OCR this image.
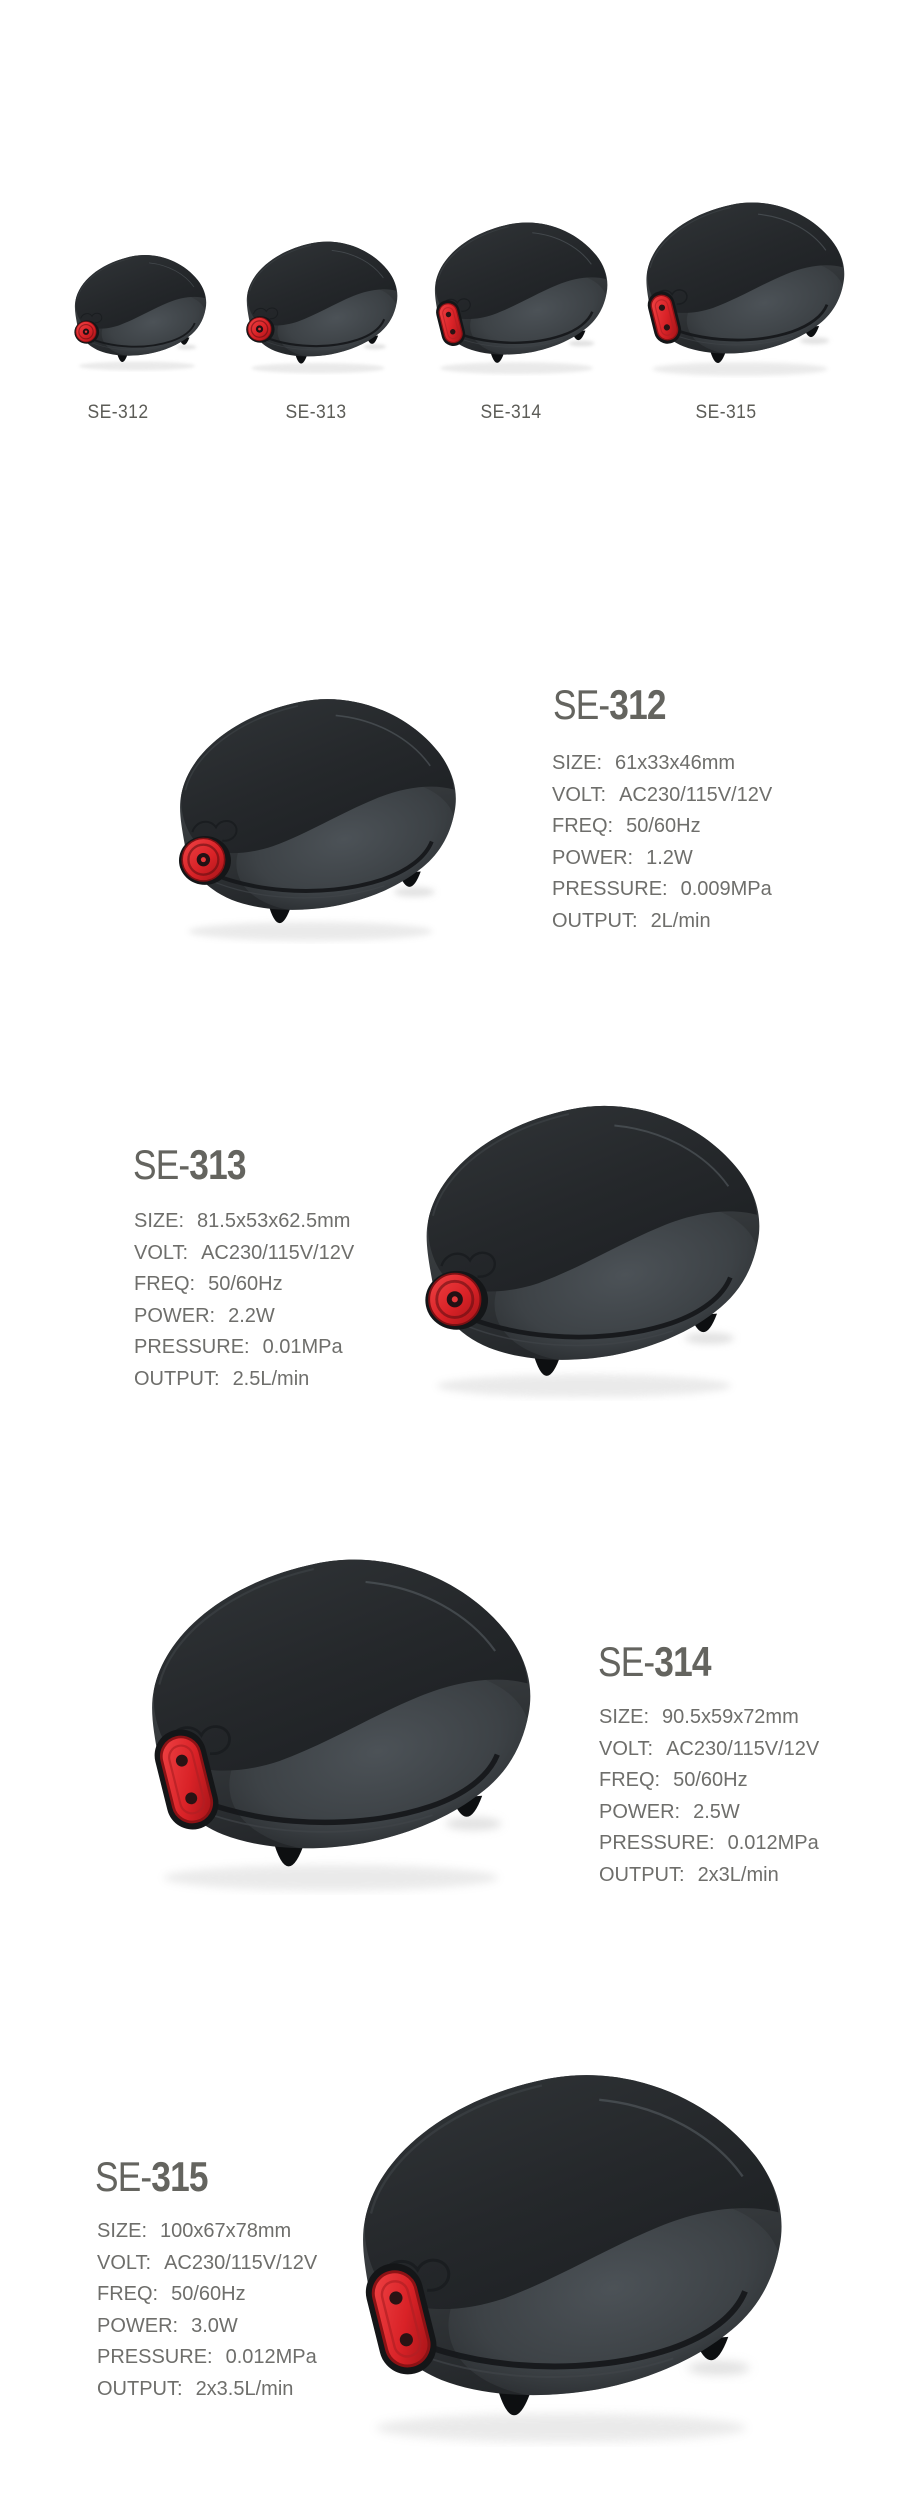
SE-312	SE-313	SE-314	SE-315
SE-312
SIZE: 61x33x46mm
VOLT: AC230/115V/12V
FREQ: 50/60Hz
POWER: 1.2W
PRESSURE: 0.009MPa
OUTPUT: 2L/min
SE-313
SIZE: 81.5x53x62.5mm
VOLT: AC230/115V/12V
FREQ: 50/60Hz
POWER: 2.2W
PRESSURE: 0.01MPa
OUTPUT: 2.5L/min
SE-314
SIZE: 90.5x59x72mm
VOLT: AC230/115V/12V
FREQ: 50/60Hz
POWER: 2.5W
PRESSURE: 0.012MPa
OUTPUT: 2x3L/min
SE-315
SIZE: 100x67x78mm
VOLT: AC230/115V/12V
FREQ: 50/60Hz
POWER: 3.0W
PRESSURE: 0.012MPa
OUTPUT: 2x3.5L/min
